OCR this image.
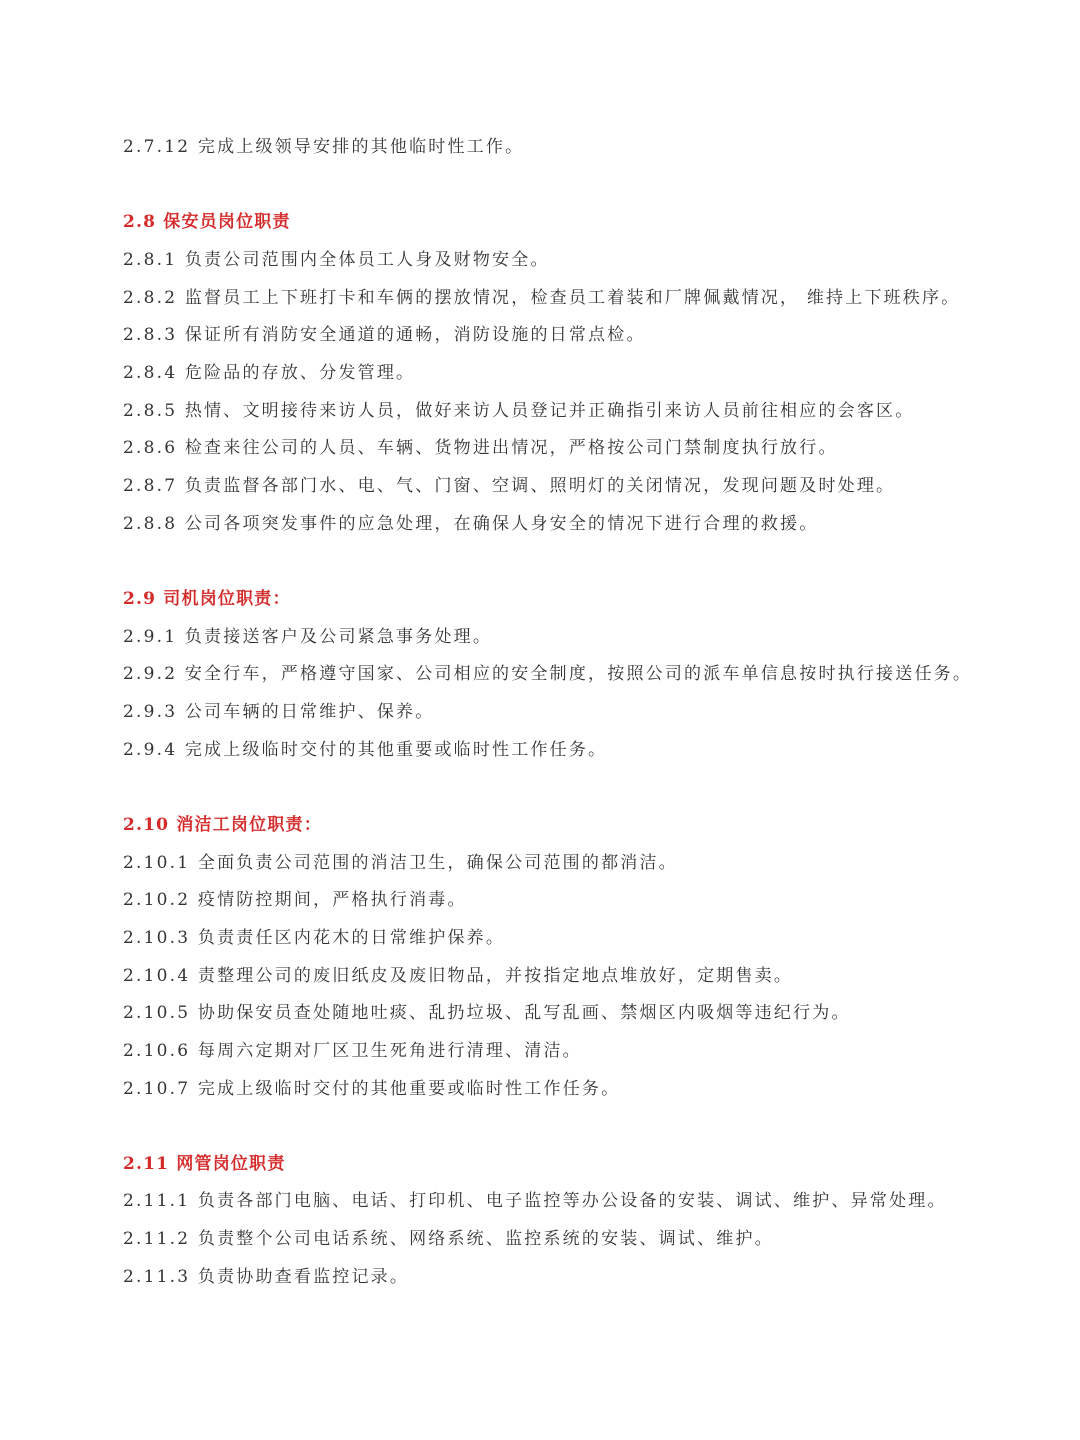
2.7.12 完成上级领导安排的其他临时性工作。
2.8 保安员岗位职责
2.8.1 负责公司范围内全体员工人身及财物安全。
2.8.2 监督员工上下班打卡和车俩的摆放情况，检查员工着装和厂牌佩戴情况， 维持上下班秩序。
2.8.3 保证所有消防安全通道的通畅，消防设施的日常点检。
2.8.4 危险品的存放、分发管理。
2.8.5 热情、文明接待来访人员，做好来访人员登记并正确指引来访人员前往相应的会客区。
2.8.6 检查来往公司的人员、车辆、货物进出情况，严格按公司门禁制度执行放行。
2.8.7 负责监督各部门水、电、气、门窗、空调、照明灯的关闭情况，发现问题及时处理。
2.8.8 公司各项突发事件的应急处理，在确保人身安全的情况下进行合理的救援。
2.9 司机岗位职责：
2.9.1 负责接送客户及公司紧急事务处理。
2.9.2 安全行车，严格遵守国家、公司相应的安全制度，按照公司的派车单信息按时执行接送任务。
2.9.3 公司车辆的日常维护、保养。
2.9.4 完成上级临时交付的其他重要或临时性工作任务。
2.10 消洁工岗位职责：
2.10.1 全面负责公司范围的消洁卫生，确保公司范围的都消洁。
2.10.2 疫情防控期间，严格执行消毒。
2.10.3 负责责任区内花木的日常维护保养。
2.10.4 责整理公司的废旧纸皮及废旧物品，并按指定地点堆放好，定期售卖。
2.10.5 协助保安员查处随地吐痰、乱扔垃圾、乱写乱画、禁烟区内吸烟等违纪行为。
2.10.6 每周六定期对厂区卫生死角进行清理、清洁。
2.10.7 完成上级临时交付的其他重要或临时性工作任务。
2.11 网管岗位职责
2.11.1 负责各部门电脑、电话、打印机、电子监控等办公设备的安装、调试、维护、异常处理。
2.11.2 负责整个公司电话系统、网络系统、监控系统的安装、调试、维护。
2.11.3 负责协助查看监控记录。
